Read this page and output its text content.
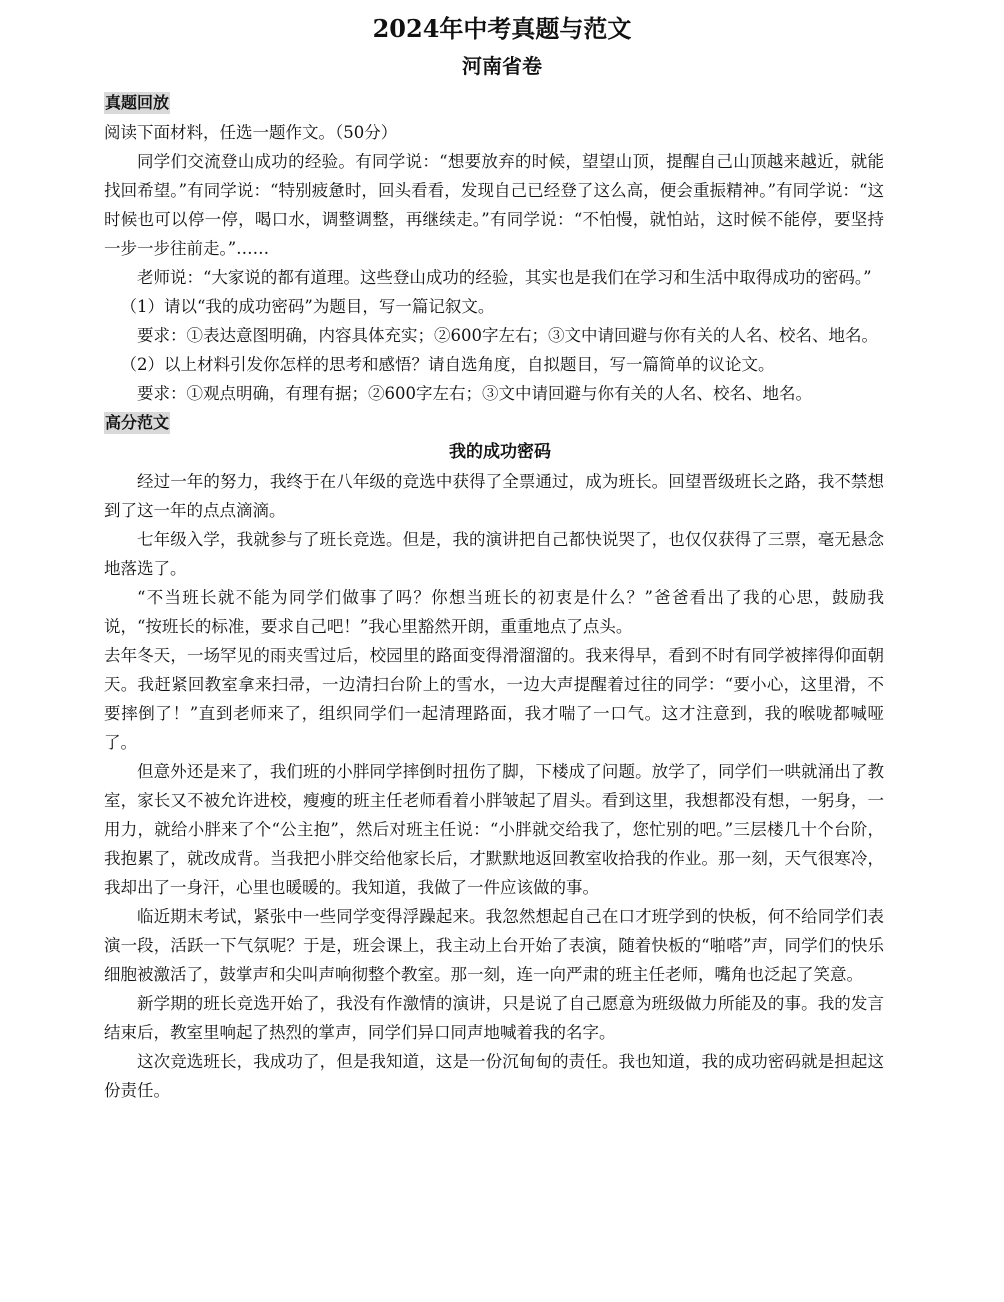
2024年中考真题与范文
河南省卷
真题回放

阅读下面材料，任选一题作文。（50分）

同学们交流登山成功的经验。有同学说：“想要放弃的时候，望望山顶，提醒自己山顶越来越近，就能找回希望。”有同学说：“特别疲惫时，回头看看，发现自己已经登了这么高，便会重振精神。”有同学说：“这时候也可以停一停，喝口水，调整调整，再继续走。”有同学说：“不怕慢，就怕站，这时候不能停，要坚持一步一步往前走。”……

老师说：“大家说的都有道理。这些登山成功的经验，其实也是我们在学习和生活中取得成功的密码。”

（1）请以“我的成功密码”为题目，写一篇记叙文。

要求：①表达意图明确，内容具体充实；②600字左右；③文中请回避与你有关的人名、校名、地名。

（2）以上材料引发你怎样的思考和感悟？请自选角度，自拟题目，写一篇简单的议论文。

要求：①观点明确，有理有据；②600字左右；③文中请回避与你有关的人名、校名、地名。

高分范文

我的成功密码

经过一年的努力，我终于在八年级的竞选中获得了全票通过，成为班长。回望晋级班长之路，我不禁想到了这一年的点点滴滴。

七年级入学，我就参与了班长竞选。但是，我的演讲把自己都快说哭了，也仅仅获得了三票，毫无悬念地落选了。

“不当班长就不能为同学们做事了吗？你想当班长的初衷是什么？”爸爸看出了我的心思，鼓励我说，“按班长的标准，要求自己吧！”我心里豁然开朗，重重地点了点头。

去年冬天，一场罕见的雨夹雪过后，校园里的路面变得滑溜溜的。我来得早，看到不时有同学被摔得仰面朝天。我赶紧回教室拿来扫帚，一边清扫台阶上的雪水，一边大声提醒着过往的同学：“要小心，这里滑，不要摔倒了！”直到老师来了，组织同学们一起清理路面，我才喘了一口气。这才注意到，我的喉咙都喊哑了。

但意外还是来了，我们班的小胖同学摔倒时扭伤了脚，下楼成了问题。放学了，同学们一哄就涌出了教室，家长又不被允许进校，瘦瘦的班主任老师看着小胖皱起了眉头。看到这里，我想都没有想，一躬身，一用力，就给小胖来了个“公主抱”，然后对班主任说：“小胖就交给我了，您忙别的吧。”三层楼几十个台阶，我抱累了，就改成背。当我把小胖交给他家长后，才默默地返回教室收拾我的作业。那一刻，天气很寒冷，我却出了一身汗，心里也暖暖的。我知道，我做了一件应该做的事。

临近期末考试，紧张中一些同学变得浮躁起来。我忽然想起自己在口才班学到的快板，何不给同学们表演一段，活跃一下气氛呢？于是，班会课上，我主动上台开始了表演，随着快板的“啪嗒”声，同学们的快乐细胞被激活了，鼓掌声和尖叫声响彻整个教室。那一刻，连一向严肃的班主任老师，嘴角也泛起了笑意。

新学期的班长竞选开始了，我没有作激情的演讲，只是说了自己愿意为班级做力所能及的事。我的发言结束后，教室里响起了热烈的掌声，同学们异口同声地喊着我的名字。

这次竞选班长，我成功了，但是我知道，这是一份沉甸甸的责任。我也知道，我的成功密码就是担起这份责任。
